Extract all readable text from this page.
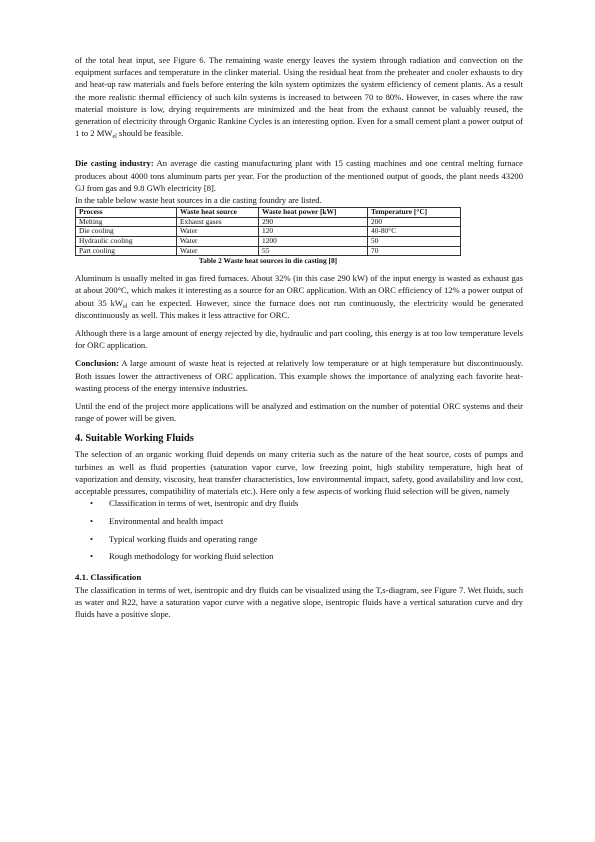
of the total heat input, see Figure 6. The remaining waste energy leaves the system through radiation and convection on the equipment surfaces and temperature in the clinker material. Using the residual heat from the preheater and cooler exhausts to dry and heat-up raw materials and fuels before entering the kiln system optimizes the system efficiency of cement plants. As a result the more realistic thermal efficiency of such kiln systems is increased to between 70 to 80%. However, in cases where the raw material moisture is low, drying requirements are minimized and the heat from the exhaust cannot be valuably reused, the generation of electricity through Organic Rankine Cycles is an interesting option. Even for a small cement plant a power output of 1 to 2 $MW_{el}$ should be feasible.

Die casting industry: An average die casting manufacturing plant with 15 casting machines and one central melting furnace produces about 4000 tons aluminum parts per year. For the production of the mentioned output of goods, the plant needs 43200 GJ from gas and 9.8 GWh electricity [8].

In the table below waste heat sources in a die casting foundry are listed.

Process	Waste heat source	Waste heat power [kW]	Temperature [°C]
Melting	Exhaust gases	290	200
Die cooling	Water	120	40-80°C
Hydraulic cooling	Water	1200	50
Part cooling	Water	55	70
Table 2 Waste heat sources in die casting [8]

Aluminum is usually melted in gas fired furnaces. About 32% (in this case 290 kW) of the input energy is wasted as exhaust gas at about 200°C, which makes it interesting as a source for an ORC application. With an ORC efficiency of 12% a power output of about 35 $kW_{el}$ can be expected. However, since the furnace does not run continuously, the electricity would be generated discontinuously as well. This makes it less attractive for ORC.

Although there is a large amount of energy rejected by die, hydraulic and part cooling, this energy is at too low temperature levels for ORC application.

Conclusion: A large amount of waste heat is rejected at relatively low temperature or at high temperature but discontinuously. Both issues lower the attractiveness of ORC application. This example shows the importance of analyzing each favorite heat-wasting process of the energy intensive industries.

Until the end of the project more applications will be analyzed and estimation on the number of potential ORC systems and their range of power will be given.

4. Suitable Working Fluids

The selection of an organic working fluid depends on many criteria such as the nature of the heat source, costs of pumps and turbines as well as fluid properties (saturation vapor curve, low freezing point, high stability temperature, high heat of vaporization and density, viscosity, heat transfer characteristics, low environmental impact, safety, good availability and low cost, acceptable pressures, compatibility of materials etc.). Here only a few aspects of working fluid selection will be given, namely

• Classification in terms of wet, isentropic and dry fluids
• Environmental and health impact
• Typical working fluids and operating range
• Rough methodology for working fluid selection
4.1. Classification

The classification in terms of wet, isentropic and dry fluids can be visualized using the T,s-diagram, see Figure 7. Wet fluids, such as water and R22, have a saturation vapor curve with a negative slope, isentropic fluids have a vertical saturation curve and dry fluids have a positive slope.
